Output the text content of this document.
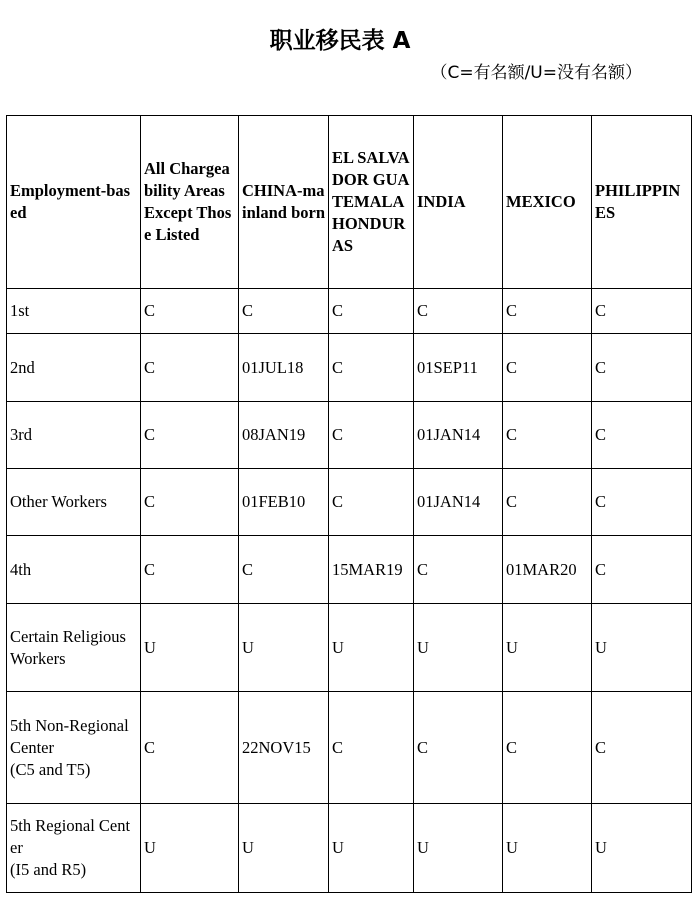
职业移民表 A
（C=有名额/U=没有名额）
Employment-based	All Chargeability Areas Except Those Listed	CHINA-mainland born	EL SALVADOR GUATEMALA HONDURAS	INDIA	MEXICO	PHILIPPINES
1st	C	C	C	C	C	C
2nd	C	01JUL18	C	01SEP11	C	C
3rd	C	08JAN19	C	01JAN14	C	C
Other Workers	C	01FEB10	C	01JAN14	C	C
4th	C	C	15MAR19	C	01MAR20	C
Certain Religious Workers	U	U	U	U	U	U
5th Non-Regional Center
(C5 and T5)	C	22NOV15	C	C	C	C
5th Regional Center
(I5 and R5)	U	U	U	U	U	U
